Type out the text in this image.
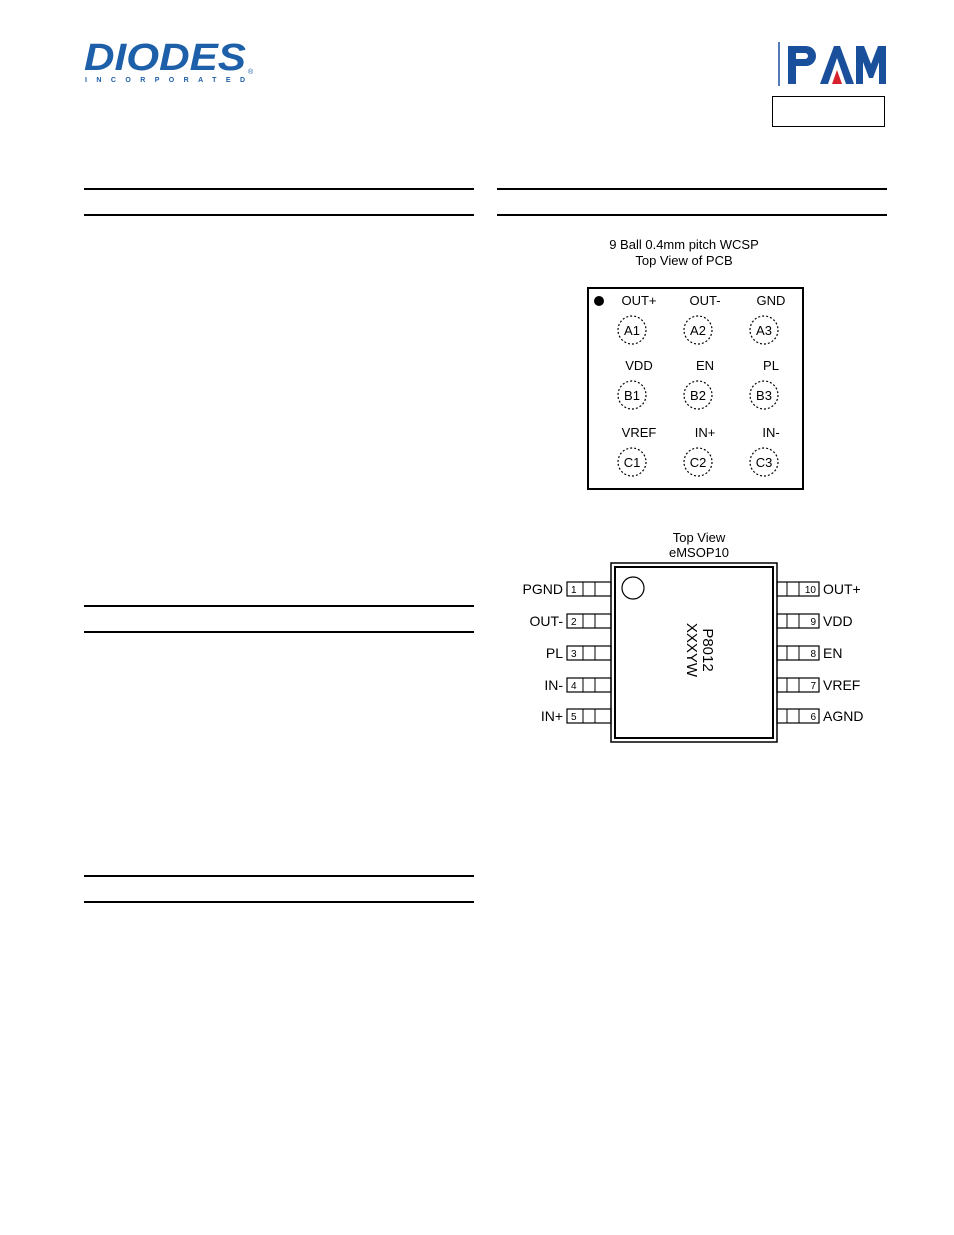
DIODES ®
INCORPORATED
PAM
9 Ball 0.4mm pitch WCSP
Top View of PCB
OUT+
A1
OUT-
A2
GND
A3
VDD
B1
EN
B2
PL
B3
VREF
C1
IN+
C2
IN-
C3
Top View
eMSOP10
P8012
XXXYW
1
PGND
2
OUT-
3
PL
4
IN-
5
IN+
10 OUT+
9 VDD
8 EN
7 VREF
6 AGND
